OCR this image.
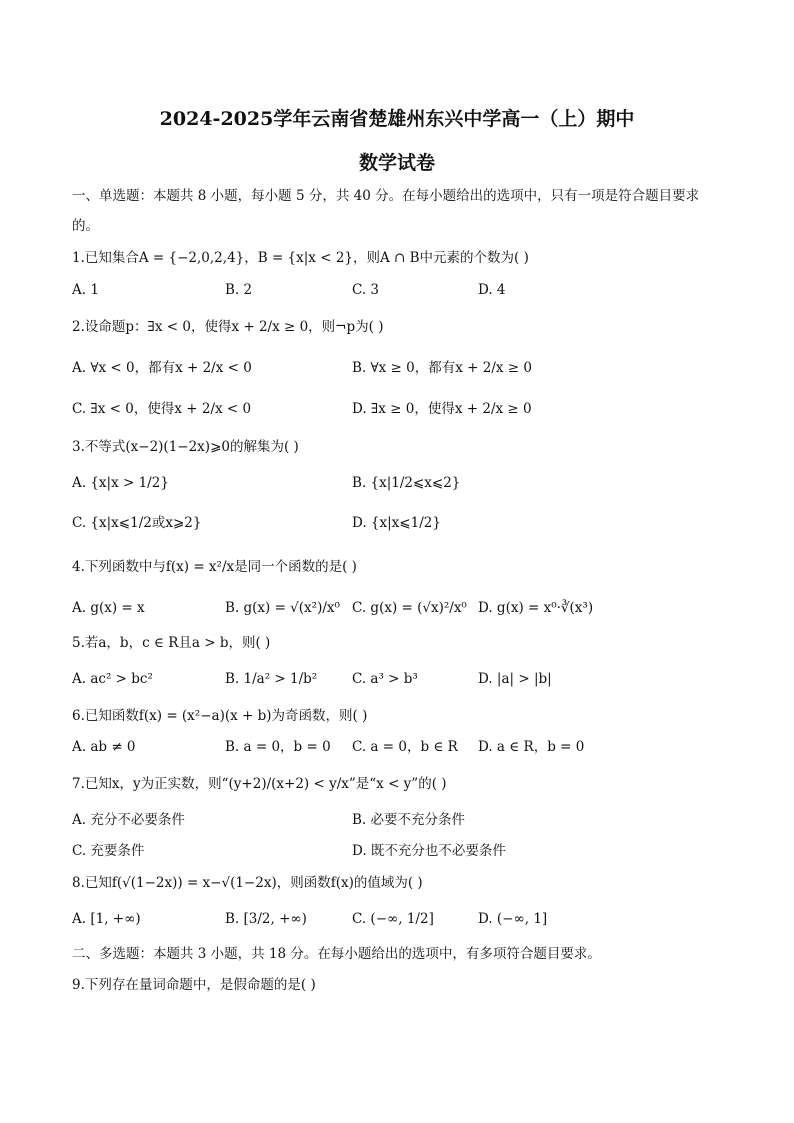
2024-2025学年云南省楚雄州东兴中学高一（上）期中
数学试卷
一、单选题：本题共 8 小题，每小题 5 分，共 40 分。在每小题给出的选项中，只有一项是符合题目要求
的。
1.已知集合A = {−2,0,2,4}，B = {x|x < 2}，则A ∩ B中元素的个数为( )
A. 1	B. 2	C. 3	D. 4
2.设命题p：∃x < 0，使得x + 2/x ≥ 0，则¬p为( )
A. ∀x < 0，都有x + 2/x < 0	B. ∀x ≥ 0，都有x + 2/x ≥ 0
C. ∃x < 0，使得x + 2/x < 0	D. ∃x ≥ 0，使得x + 2/x ≥ 0
3.不等式(x−2)(1−2x)⩾0的解集为( )
A. {x|x > 1/2}	B. {x|1/2⩽x⩽2}
C. {x|x⩽1/2或x⩾2}	D. {x|x⩽1/2}
4.下列函数中与f(x) = x²/x是同一个函数的是( )
A. g(x) = x	B. g(x) = √(x²)/x⁰ C. g(x) = (√x)²/x⁰ D. g(x) = x⁰·∛(x³)
5.若a，b，c ∈ R且a > b，则( )
A. ac² > bc²	B. 1/a² > 1/b²	C. a³ > b³	D. |a| > |b|
6.已知函数f(x) = (x²−a)(x + b)为奇函数，则( )
A. ab ≠ 0	B. a = 0，b = 0 C. a = 0，b ∈ R D. a ∈ R，b = 0
7.已知x，y为正实数，则“(y+2)/(x+2) < y/x”是“x < y”的( )
A. 充分不必要条件	B. 必要不充分条件
C. 充要条件	D. 既不充分也不必要条件
8.已知f(√(1−2x)) = x−√(1−2x)，则函数f(x)的值域为( )
A. [1, +∞)	B. [3/2, +∞)	C. (−∞, 1/2]	D. (−∞, 1]
二、多选题：本题共 3 小题，共 18 分。在每小题给出的选项中，有多项符合题目要求。
9.下列存在量词命题中，是假命题的是( )
